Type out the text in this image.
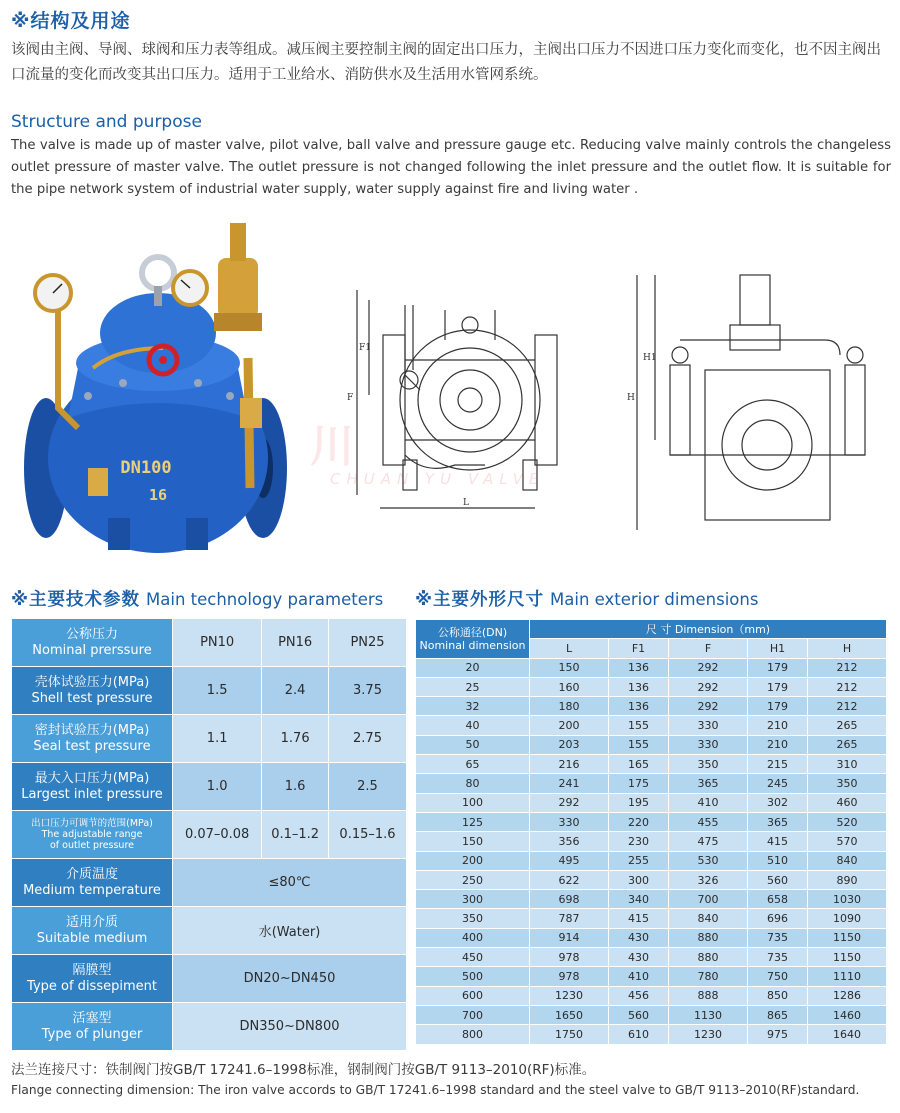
※结构及用途
该阀由主阀、导阀、球阀和压力表等组成。减压阀主要控制主阀的固定出口压力，主阀出口压力不因进口压力变化而变化，也不因主阀出口流量的变化而改变其出口压力。适用于工业给水、消防供水及生活用水管网系统。
Structure and purpose
The valve is made up of master valve, pilot valve, ball valve and pressure gauge etc. Reducing valve mainly controls the changeless outlet pressure of master valve. The outlet pressure is not changed following the inlet pressure and the outlet flow. It is suitable for the pipe network system of industrial water supply, water supply against fire and living water .
DN100
16
F1
F
L
H1
H
川
CHUAN YU VALVE
※主要技术参数 Main technology parameters ※主要外形尺寸 Main exterior dimensions
公称压力
Nominal prerssure	PN10	PN16	PN25

壳体试验压力(MPa)
Shell test pressure	1.5	2.4	3.75

密封试验压力(MPa)
Seal test pressure	1.1	1.76	2.75

最大入口压力(MPa)
Largest inlet pressure	1.0	1.6	2.5

出口压力可调节的范围(MPa)
The adjustable range
of outlet pressure	0.07–0.08	0.1–1.2	0.15–1.6

介质温度
Medium temperature	≤80℃		

适用介质
Suitable medium	水(Water)		

隔膜型
Type of dissepiment	DN20~DN450		

活塞型
Type of plunger	DN350~DN800		
公称通径(DN)
Nominal dimension	尺 寸 Dimension（mm)				
	L	F1	F	H1	H
20	150	136	292	179	212
25	160	136	292	179	212
32	180	136	292	179	212
40	200	155	330	210	265
50	203	155	330	210	265
65	216	165	350	215	310
80	241	175	365	245	350
100	292	195	410	302	460
125	330	220	455	365	520
150	356	230	475	415	570
200	495	255	530	510	840
250	622	300	326	560	890
300	698	340	700	658	1030
350	787	415	840	696	1090
400	914	430	880	735	1150
450	978	430	880	735	1150
500	978	410	780	750	1110
600	1230	456	888	850	1286
700	1650	560	1130	865	1460
800	1750	610	1230	975	1640
法兰连接尺寸：铁制阀门按GB/T 17241.6–1998标准，钢制阀门按GB/T 9113–2010(RF)标准。
Flange connecting dimension: The iron valve accords to GB/T 17241.6–1998 standard and the steel valve to GB/T 9113–2010(RF)standard.
